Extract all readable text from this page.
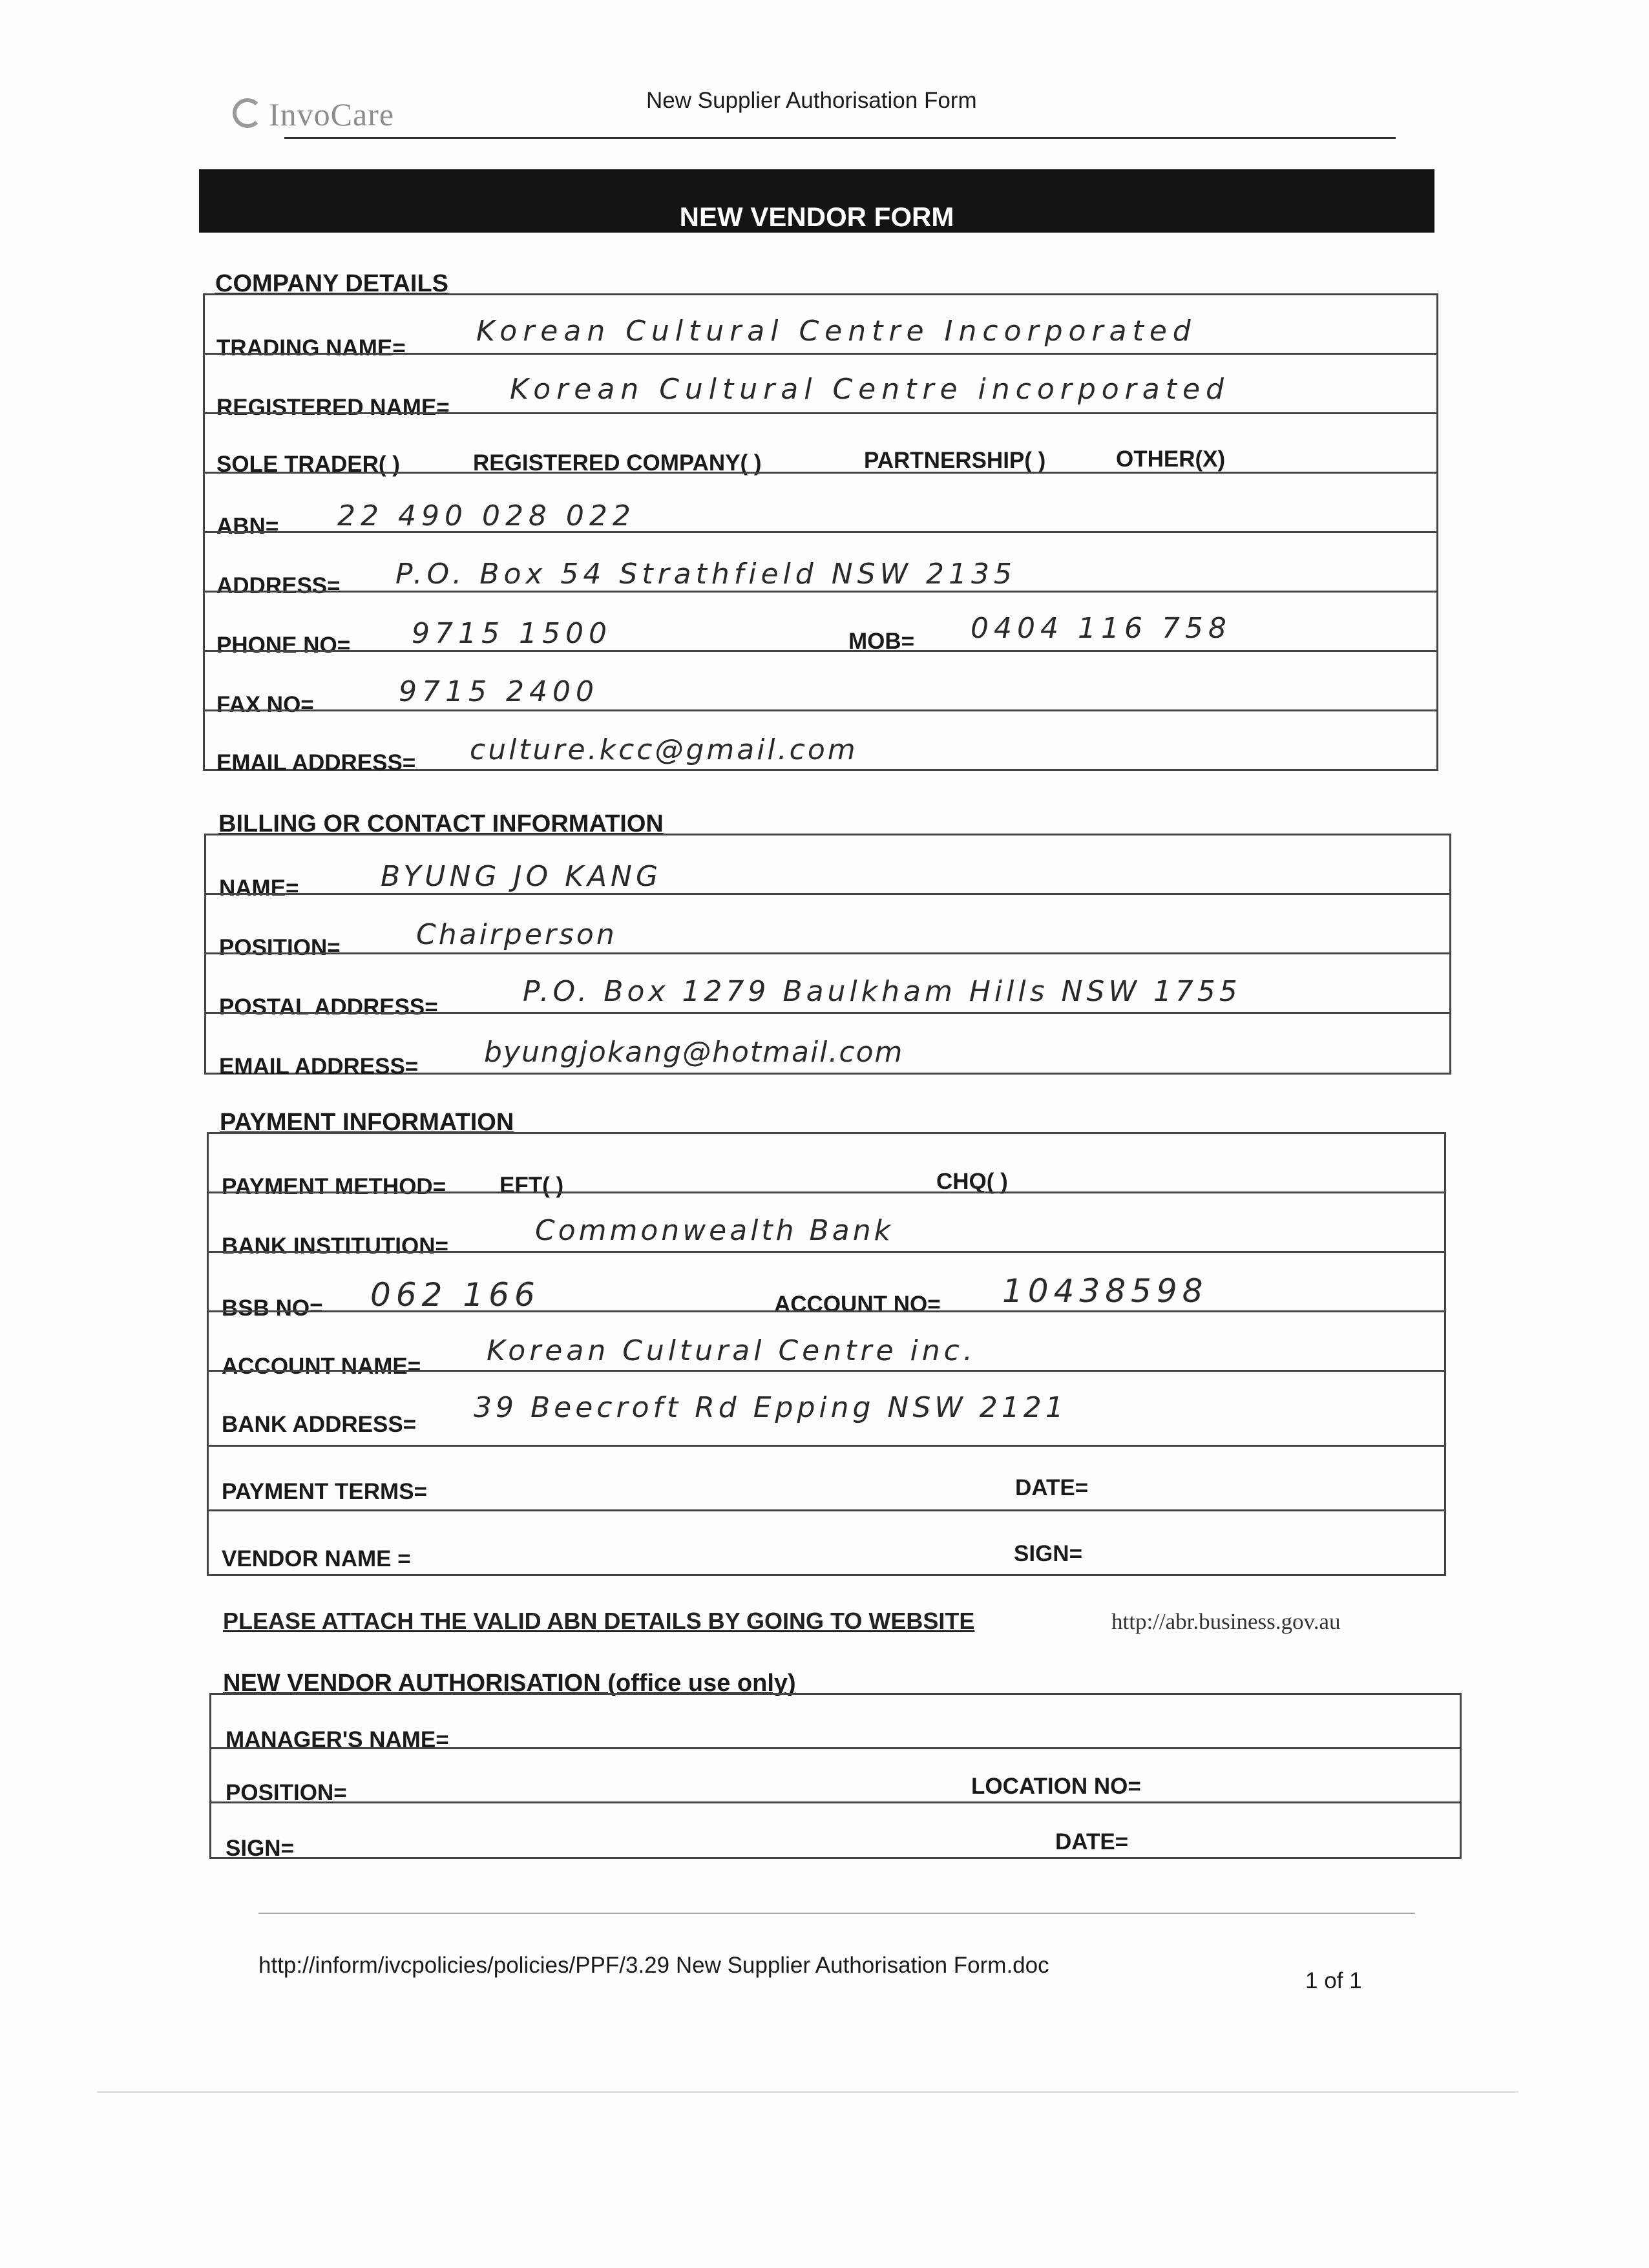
InvoCare	New Supplier Authorisation Form
NEW VENDOR FORM
COMPANY DETAILS
TRADING NAME=
Korean Cultural Centre Incorporated
REGISTERED NAME=
Korean Cultural Centre incorporated
SOLE TRADER( )	REGISTERED COMPANY( )	PARTNERSHIP( )	OTHER(X)
ABN= 22 490 028 022
ADDRESS= P.O. Box 54 Strathfield NSW 2135
PHONE NO= 9715 1500	MOB= 0404 116 758
FAX NO=	9715 2400
EMAIL ADDRESS= culture.kcc@gmail.com
BILLING OR CONTACT INFORMATION
NAME=	BYUNG JO KANG
POSITION=	Chairperson
POSTAL ADDRESS=	P.O. Box 1279 Baulkham Hills NSW 1755
EMAIL ADDRESS= byungjokang@hotmail.com
PAYMENT INFORMATION
PAYMENT METHOD= EFT( )	CHQ( )
BANK INSTITUTION=	Commonwealth Bank
BSB NO= 062 166	ACCOUNT NO= 10438598
ACCOUNT NAME= Korean Cultural Centre inc.
BANK ADDRESS=
39 Beecroft Rd Epping NSW 2121
PAYMENT TERMS=	DATE=
VENDOR NAME =	SIGN=
PLEASE ATTACH THE VALID ABN DETAILS BY GOING TO WEBSITE	http://abr.business.gov.au
NEW VENDOR AUTHORISATION (office use only)
MANAGER'S NAME=
POSITION=	LOCATION NO=
SIGN=	DATE=
http://inform/ivcpolicies/policies/PPF/3.29 New Supplier Authorisation Form.doc
1 of 1
